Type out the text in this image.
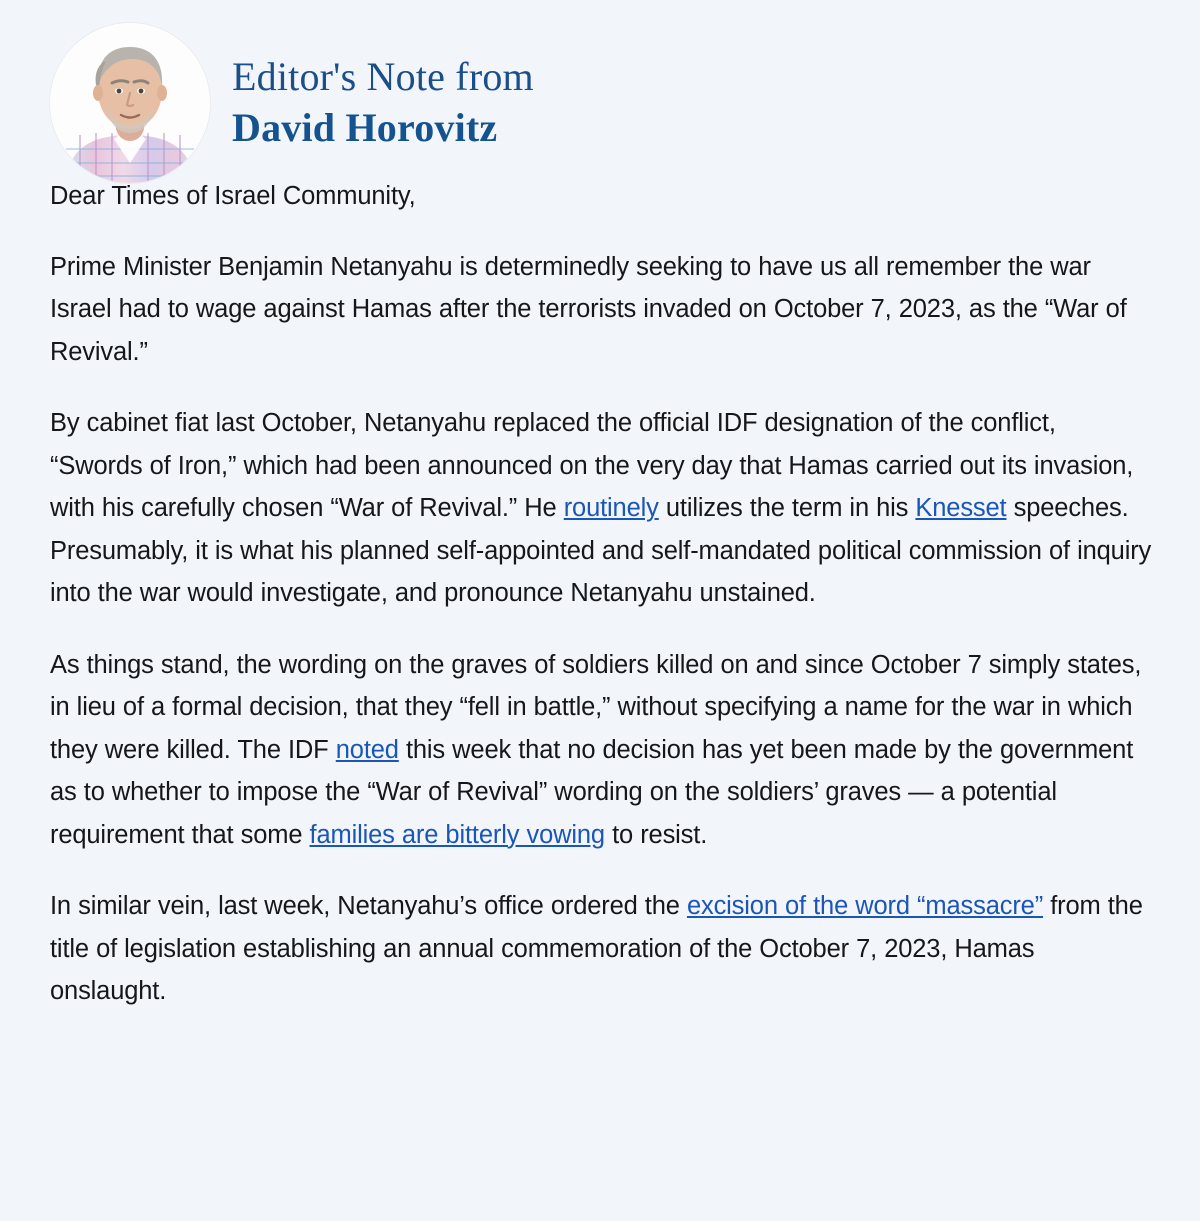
Editor's Note from
David Horovitz

Dear Times of Israel Community,

Prime Minister Benjamin Netanyahu is determinedly seeking to have us all remember the war Israel had to wage against Hamas after the terrorists invaded on October 7, 2023, as the “War of Revival.”

By cabinet fiat last October, Netanyahu replaced the official IDF designation of the conflict, “Swords of Iron,” which had been announced on the very day that Hamas carried out its invasion, with his carefully chosen “War of Revival.” He routinely utilizes the term in his Knesset speeches. Presumably, it is what his planned self-appointed and self-mandated political commission of inquiry into the war would investigate, and pronounce Netanyahu unstained.

As things stand, the wording on the graves of soldiers killed on and since October 7 simply states, in lieu of a formal decision, that they “fell in battle,” without specifying a name for the war in which they were killed. The IDF noted this week that no decision has yet been made by the government as to whether to impose the “War of Revival” wording on the soldiers’ graves — a potential requirement that some families are bitterly vowing to resist.

In similar vein, last week, Netanyahu’s office ordered the excision of the word “massacre” from the title of legislation establishing an annual commemoration of the October 7, 2023, Hamas onslaught.
